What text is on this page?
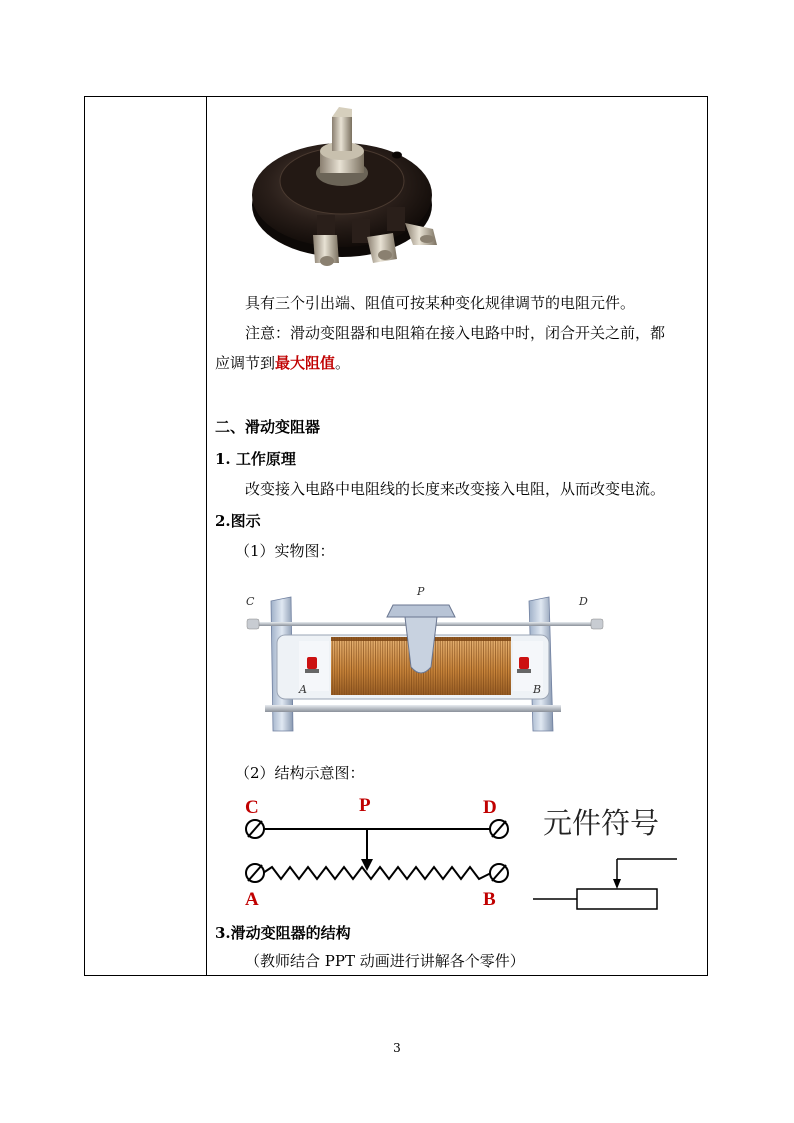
具有三个引出端、阻值可按某种变化规律调节的电阻元件。
注意：滑动变阻器和电阻箱在接入电路中时，闭合开关之前，都
应调节到最大阻值。
二、滑动变阻器
1. 工作原理
改变接入电路中电阻线的长度来改变接入电阻，从而改变电流。
2.图示
（1）实物图：
C	D
P
A	B
（2）结构示意图：
C	P	D
A	B
元件符号
3.滑动变阻器的结构
（教师结合 PPT 动画进行讲解各个零件）
3
